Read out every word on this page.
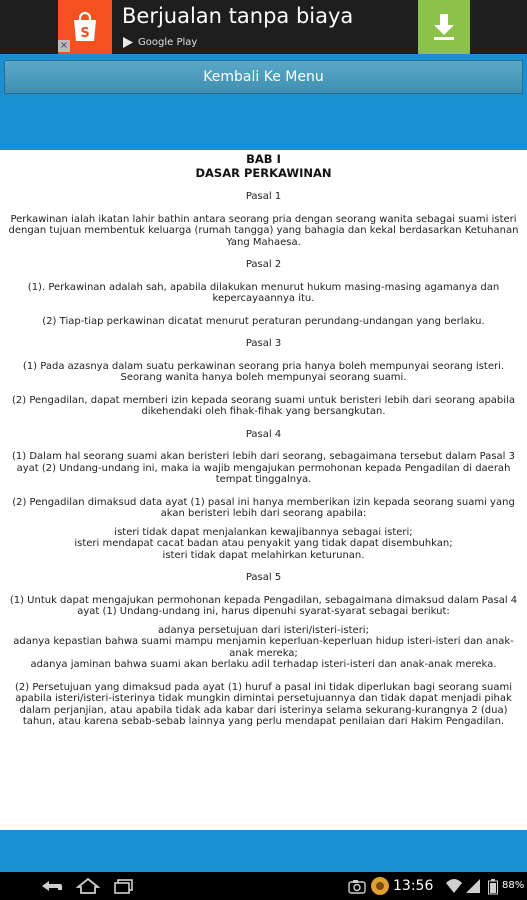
S
×
Berjualan tanpa biaya
Google Play
Kembali Ke Menu

BAB I

DASAR PERKAWINAN

Pasal 1

Perkawinan ialah ikatan lahir bathin antara seorang pria dengan seorang wanita sebagai suami isteri dengan tujuan membentuk keluarga (rumah tangga) yang bahagia dan kekal berdasarkan Ketuhanan Yang Mahaesa.

Pasal 2

(1). Perkawinan adalah sah, apabila dilakukan menurut hukum masing-masing agamanya dan kepercayaannya itu.

(2) Tiap-tiap perkawinan dicatat menurut peraturan perundang-undangan yang berlaku.

Pasal 3

(1) Pada azasnya dalam suatu perkawinan seorang pria hanya boleh mempunyai seorang isteri. Seorang wanita hanya boleh mempunyai seorang suami.

(2) Pengadilan, dapat memberi izin kepada seorang suami untuk beristeri lebih dari seorang apabila dikehendaki oleh fihak-fihak yang bersangkutan.

Pasal 4

(1) Dalam hal seorang suami akan beristeri lebih dari seorang, sebagaimana tersebut dalam Pasal 3 ayat (2) Undang-undang ini, maka ia wajib mengajukan permohonan kepada Pengadilan di daerah tempat tinggalnya.

(2) Pengadilan dimaksud data ayat (1) pasal ini hanya memberikan izin kepada seorang suami yang akan beristeri lebih dari seorang apabila:

isteri tidak dapat menjalankan kewajibannya sebagai isteri;

isteri mendapat cacat badan atau penyakit yang tidak dapat disembuhkan;

isteri tidak dapat melahirkan keturunan.

Pasal 5

(1) Untuk dapat mengajukan permohonan kepada Pengadilan, sebagaimana dimaksud dalam Pasal 4 ayat (1) Undang-undang ini, harus dipenuhi syarat-syarat sebagai berikut:

adanya persetujuan dari isteri/isteri-isteri;

adanya kepastian bahwa suami mampu menjamin keperluan-keperluan hidup isteri-isteri dan anak-anak mereka;

adanya jaminan bahwa suami akan berlaku adil terhadap isteri-isteri dan anak-anak mereka.

(2) Persetujuan yang dimaksud pada ayat (1) huruf a pasal ini tidak diperlukan bagi seorang suami apabila isteri/isteri-isterinya tidak mungkin dimintai persetujuannya dan tidak dapat menjadi pihak dalam perjanjian, atau apabila tidak ada kabar dari isterinya selama sekurang-kurangnya 2 (dua) tahun, atau karena sebab-sebab lainnya yang perlu mendapat penilaian dari Hakim Pengadilan.

13:56	88%
